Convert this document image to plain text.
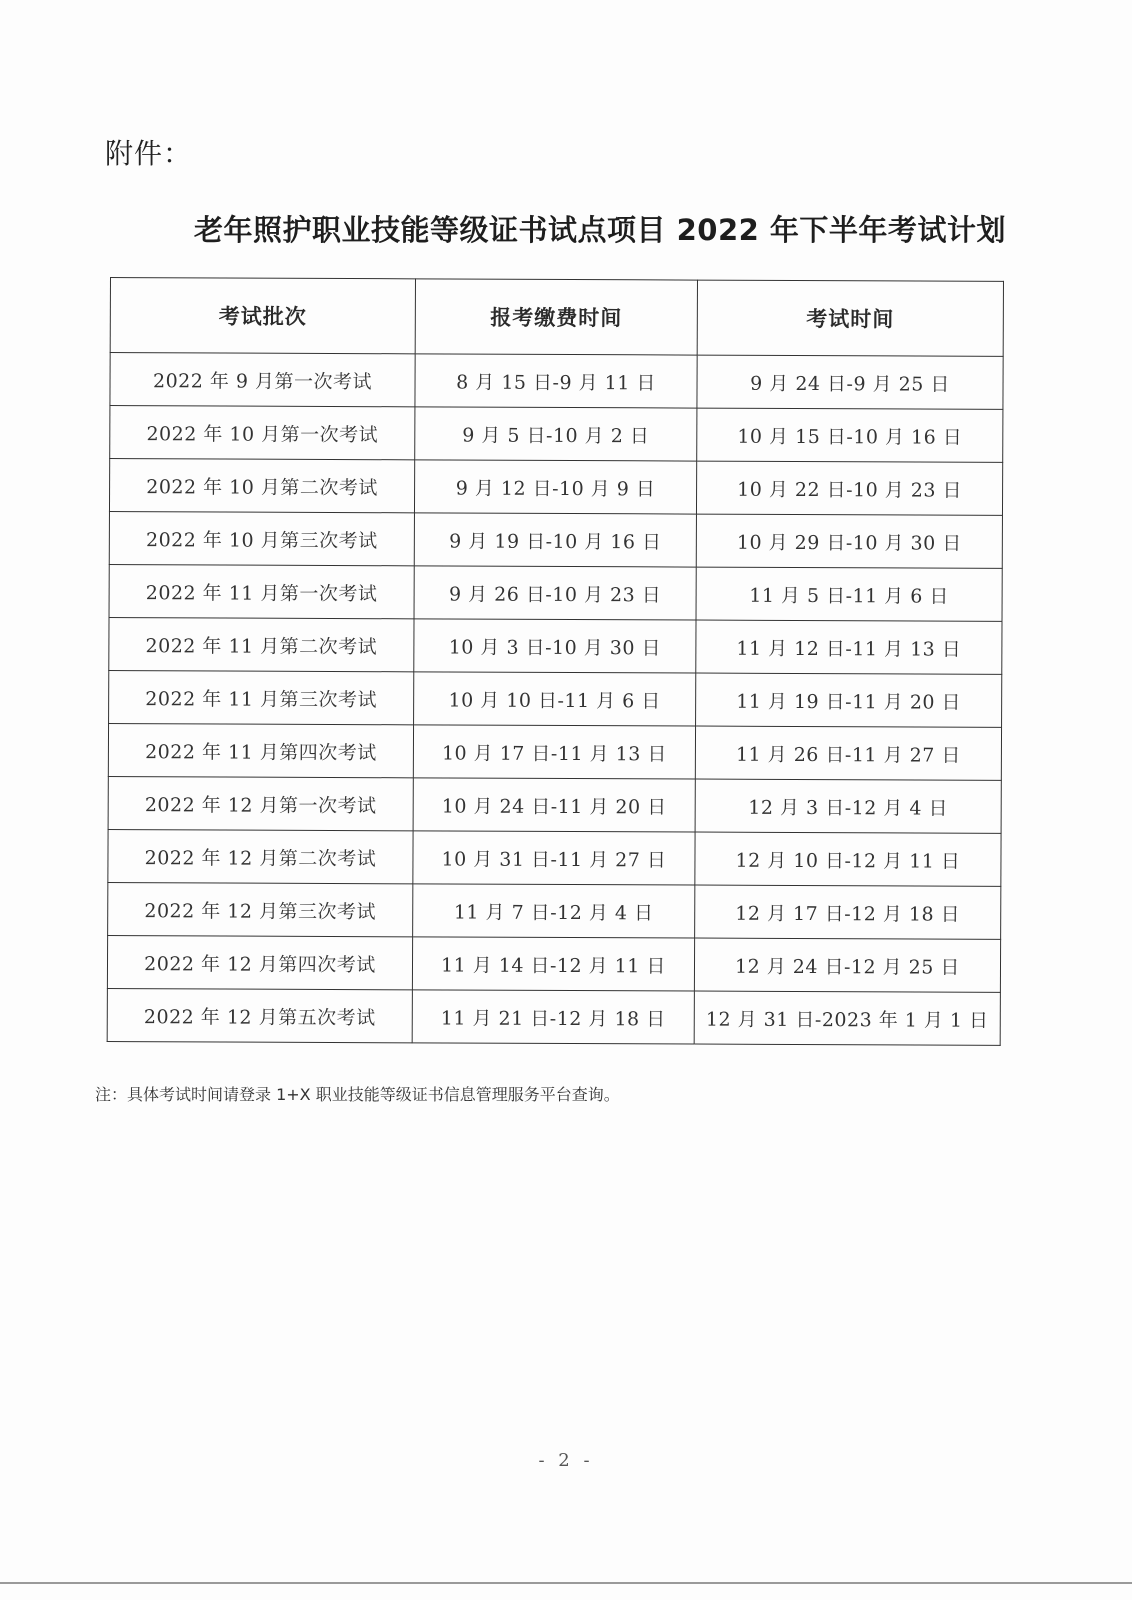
附件：
老年照护职业技能等级证书试点项目 2022 年下半年考试计划
考试批次	报考缴费时间	考试时间
2022 年 9 月第一次考试	8 月 15 日-9 月 11 日	9 月 24 日-9 月 25 日
2022 年 10 月第一次考试	9 月 5 日-10 月 2 日	10 月 15 日-10 月 16 日
2022 年 10 月第二次考试	9 月 12 日-10 月 9 日	10 月 22 日-10 月 23 日
2022 年 10 月第三次考试	9 月 19 日-10 月 16 日	10 月 29 日-10 月 30 日
2022 年 11 月第一次考试	9 月 26 日-10 月 23 日	11 月 5 日-11 月 6 日
2022 年 11 月第二次考试	10 月 3 日-10 月 30 日	11 月 12 日-11 月 13 日
2022 年 11 月第三次考试	10 月 10 日-11 月 6 日	11 月 19 日-11 月 20 日
2022 年 11 月第四次考试	10 月 17 日-11 月 13 日	11 月 26 日-11 月 27 日
2022 年 12 月第一次考试	10 月 24 日-11 月 20 日	12 月 3 日-12 月 4 日
2022 年 12 月第二次考试	10 月 31 日-11 月 27 日	12 月 10 日-12 月 11 日
2022 年 12 月第三次考试	11 月 7 日-12 月 4 日	12 月 17 日-12 月 18 日
2022 年 12 月第四次考试	11 月 14 日-12 月 11 日	12 月 24 日-12 月 25 日
2022 年 12 月第五次考试	11 月 21 日-12 月 18 日	12 月 31 日-2023 年 1 月 1 日
注：具体考试时间请登录 1+X 职业技能等级证书信息管理服务平台查询。
- 2 -
